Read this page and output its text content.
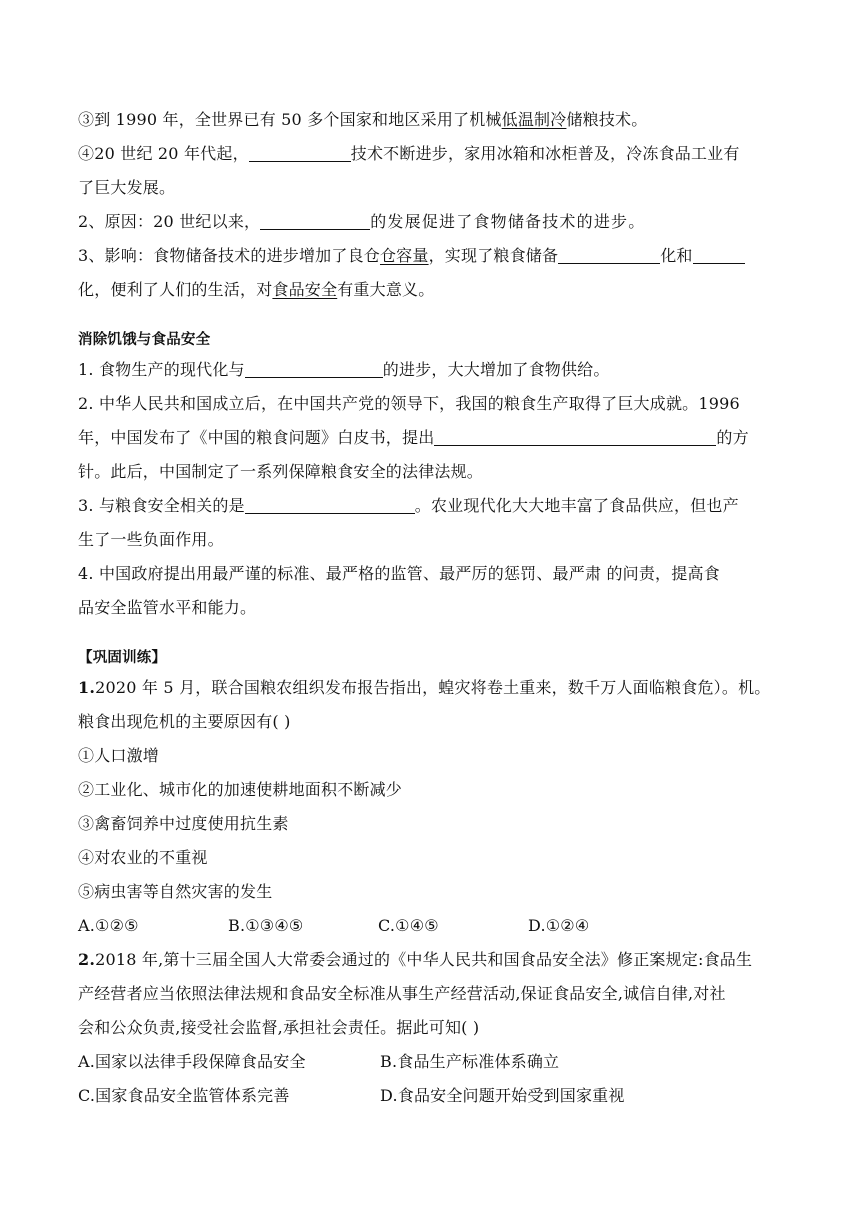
③到 1990 年，全世界已有 50 多个国家和地区采用了机械低温制冷储粮技术。
④20 世纪 20 年代起，	技术不断进步，家用冰箱和冰柜普及，冷冻食品工业有
了巨大发展。
2、原因：20 世纪以来，	的发展促进了食物储备技术的进步。
3、影响：食物储备技术的进步增加了良仓仓容量，实现了粮食储备	化和
化，便利了人们的生活，对食品安全有重大意义。
消除饥饿与食品安全
1. 食物生产的现代化与	的进步，大大增加了食物供给。
2. 中华人民共和国成立后，在中国共产党的领导下，我国的粮食生产取得了巨大成就。1996
年，中国发布了《中国的粮食问题》白皮书，提出	的方
针。此后，中国制定了一系列保障粮食安全的法律法规。
3. 与粮食安全相关的是	。农业现代化大大地丰富了食品供应，但也产
生了一些负面作用。
4. 中国政府提出用最严谨的标准、最严格的监管、最严厉的惩罚、最严肃 的问责，提高食
品安全监管水平和能力。
【巩固训练】
1.2020 年 5 月，联合国粮农组织发布报告指出，蝗灾将卷土重来，数千万人面临粮食危）。机。
粮食出现危机的主要原因有( )
①人口激增
②工业化、城市化的加速使耕地面积不断减少
③禽畜饲养中过度使用抗生素
④对农业的不重视
⑤病虫害等自然灾害的发生
A.①②⑤	B.①③④⑤	C.①④⑤	D.①②④
2.2018 年,第十三届全国人大常委会通过的《中华人民共和国食品安全法》修正案规定:食品生
产经营者应当依照法律法规和食品安全标准从事生产经营活动,保证食品安全,诚信自律,对社
会和公众负责,接受社会监督,承担社会责任。据此可知( )
A.国家以法律手段保障食品安全	B.食品生产标准体系确立
C.国家食品安全监管体系完善	D.食品安全问题开始受到国家重视
